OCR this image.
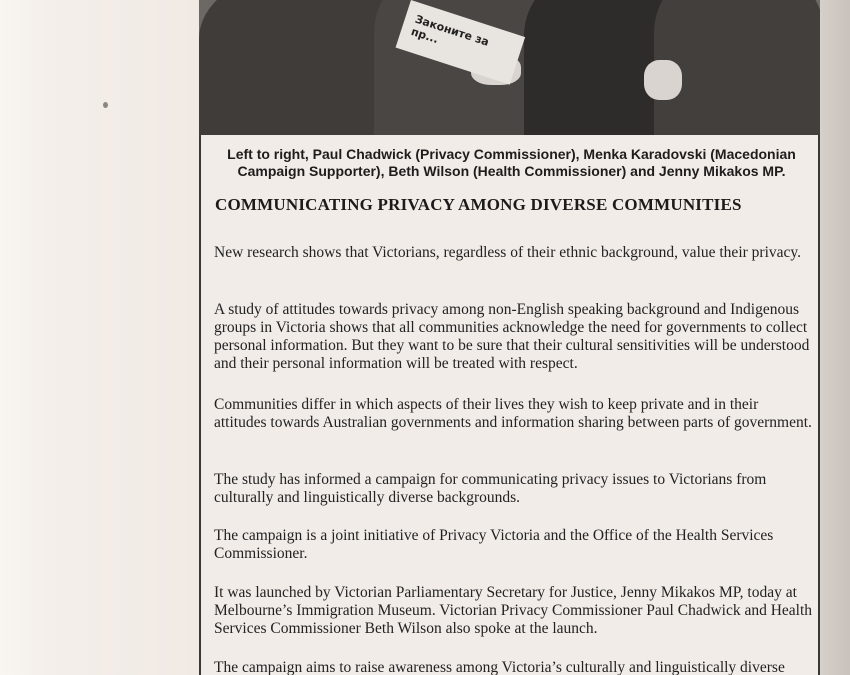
Законите за пр...
Left to right, Paul Chadwick (Privacy Commissioner), Menka Karadovski (Macedonian Campaign Supporter), Beth Wilson (Health Commissioner) and Jenny Mikakos MP.
COMMUNICATING PRIVACY AMONG DIVERSE COMMUNITIES
New research shows that Victorians, regardless of their ethnic background, value their privacy.
A study of attitudes towards privacy among non-English speaking background and Indigenous groups in Victoria shows that all communities acknowledge the need for governments to collect personal information. But they want to be sure that their cultural sensitivities will be understood and their personal information will be treated with respect.
Communities differ in which aspects of their lives they wish to keep private and in their attitudes towards Australian governments and information sharing between parts of government.
The study has informed a campaign for communicating privacy issues to Victorians from culturally and linguistically diverse backgrounds.
The campaign is a joint initiative of Privacy Victoria and the Office of the Health Services Commissioner.
It was launched by Victorian Parliamentary Secretary for Justice, Jenny Mikakos MP, today at Melbourne’s Immigration Museum. Victorian Privacy Commissioner Paul Chadwick and Health Services Commissioner Beth Wilson also spoke at the launch.
The campaign aims to raise awareness among Victoria’s culturally and linguistically diverse
